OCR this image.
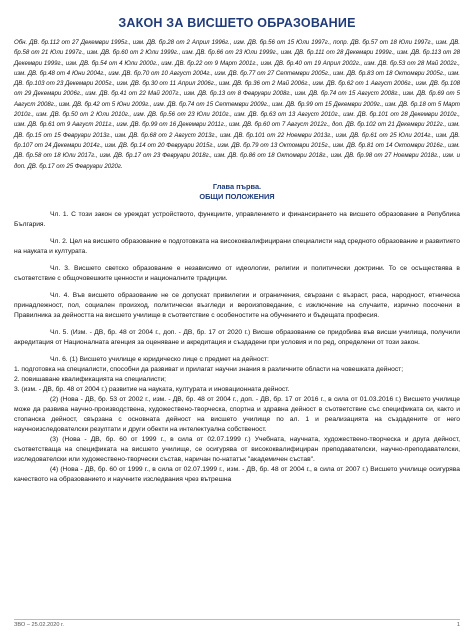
ЗАКОН ЗА ВИСШЕТО ОБРАЗОВАНИЕ

Обн. ДВ. бр.112 от 27 Декември 1995г., изм. ДВ. бр.28 от 2 Април 1996г., изм. ДВ. бр.56 от 15 Юли 1997г., попр. ДВ. бр.57 от 18 Юли 1997г., изм. ДВ. бр.58 от 21 Юли 1997г., изм. ДВ. бр.60 от 2 Юли 1999г., изм. ДВ. бр.66 от 23 Юли 1999г., изм. ДВ. бр.111 от 28 Декември 1999г., изм. ДВ. бр.113 от 28 Декември 1999г., изм. ДВ. бр.54 от 4 Юли 2000г., изм. ДВ. бр.22 от 9 Март 2001г., изм. ДВ. бр.40 от 19 Април 2002г., изм. ДВ. бр.53 от 28 Май 2002г., изм. ДВ. бр.48 от 4 Юни 2004г., изм. ДВ. бр.70 от 10 Август 2004г., изм. ДВ. бр.77 от 27 Септември 2005г., изм. ДВ. бр.83 от 18 Октомври 2005г., изм. ДВ. бр.103 от 23 Декември 2005г., изм. ДВ. бр.30 от 11 Април 2006г., изм. ДВ. бр.36 от 2 Май 2006г., изм. ДВ. бр.62 от 1 Август 2006г., изм. ДВ. бр.108 от 29 Декември 2006г., изм. ДВ. бр.41 от 22 Май 2007г., изм. ДВ. бр.13 от 8 Февруари 2008г., изм. ДВ. бр.74 от 15 Август 2008г., изм. ДВ. бр.69 от 5 Август 2008г., изм. ДВ. бр.42 от 5 Юни 2009г., изм. ДВ. бр.74 от 15 Септември 2009г., изм. ДВ. бр.99 от 15 Декември 2009г., изм. ДВ. бр.18 от 5 Март 2010г., изм. ДВ. бр.50 от 2 Юли 2010г., изм. ДВ. бр.56 от 23 Юли 2010г., изм. ДВ. бр.63 от 13 Август 2010г., изм. ДВ. бр.101 от 28 Декември 2010г., изм. ДВ. бр.61 от 9 Август 2011г., изм. ДВ. бр.99 от 16 Декември 2011г., изм. ДВ. бр.60 от 7 Август 2012г., доп. ДВ. бр.102 от 21 Декември 2012г., изм. ДВ. бр.15 от 15 Февруари 2013г., изм. ДВ. бр.68 от 2 Август 2013г., изм. ДВ. бр.101 от 22 Ноември 2013г., изм. ДВ. бр.61 от 25 Юли 2014г., изм. ДВ. бр.107 от 24 Декември 2014г., изм. ДВ. бр.14 от 20 Февруари 2015г., изм. ДВ. бр.79 от 13 Октомври 2015г., изм. ДВ. бр.81 от 14 Октомври 2016г., изм. ДВ. бр.58 от 18 Юли 2017г., изм. ДВ. бр.17 от 23 Февруари 2018г., изм. ДВ. бр.86 от 18 Октомври 2018г., изм. ДВ. бр.98 от 27 Ноември 2018г., изм. и доп. ДВ. бр.17 от 25 Февруари 2020г.

Глава първа.
ОБЩИ ПОЛОЖЕНИЯ

Чл. 1. С този закон се уреждат устройството, функциите, управлението и финансирането на висшето образование в Република България.

Чл. 2. Цел на висшето образование е подготовката на висококвалифицирани специалисти над средното образование и развитието на науката и културата.

Чл. 3. Висшето светско образование е независимо от идеологии, религии и политически доктрини. То се осъществява в съответствие с общочовешките ценности и националните традиции.

Чл. 4. Във висшето образование не се допускат привилегии и ограничения, свързани с възраст, раса, народност, етническа принадлежност, пол, социален произход, политически възгледи и вероизповедание, с изключение на случаите, изрично посочени в Правилника за дейността на висшето училище в съответствие с особеностите на обучението и бъдещата професия.

Чл. 5. (Изм. - ДВ, бр. 48 от 2004 г., доп. - ДВ, бр. 17 от 2020 г.) Висше образование се придобива във висши училища, получили акредитация от Националната агенция за оценяване и акредитация и създадени при условия и по ред, определени от този закон.

Чл. 6. (1) Висшето училище е юридическо лице с предмет на дейност:

1. подготовка на специалисти, способни да развиват и прилагат научни знания в различните области на човешката дейност;

2. повишаване квалификацията на специалисти;

3. (изм. - ДВ, бр. 48 от 2004 г.) развитие на науката, културата и иновационната дейност.

(2) (Нова - ДВ, бр. 53 от 2002 г., изм. - ДВ, бр. 48 от 2004 г., доп. - ДВ, бр. 17 от 2016 г., в сила от 01.03.2016 г.) Висшето училище може да развива научно-производствена, художествено-творческа, спортна и здравна дейност в съответствие със спецификата си, както и стопанска дейност, свързана с основната дейност на висшето училище по ал. 1 и реализацията на създадените от него научноизследователски резултати и други обекти на интелектуална собственост.

(3) (Нова - ДВ, бр. 60 от 1999 г., в сила от 02.07.1999 г.) Учебната, научната, художествено-творческа и друга дейност, съответстваща на спецификата на висшето училище, се осигурява от висококвалифициран преподавателски, научно-преподавателски, изследователски или художествено-творчески състав, наричан по-нататък "академичен състав".

(4) (Нова - ДВ, бр. 60 от 1999 г., в сила от 02.07.1999 г., изм. - ДВ, бр. 48 от 2004 г., в сила от 2007 г.) Висшето училище осигурява качеството на образованието и научните изследвания чрез вътрешна

ЗВО – 25.02.2020 г.	1
